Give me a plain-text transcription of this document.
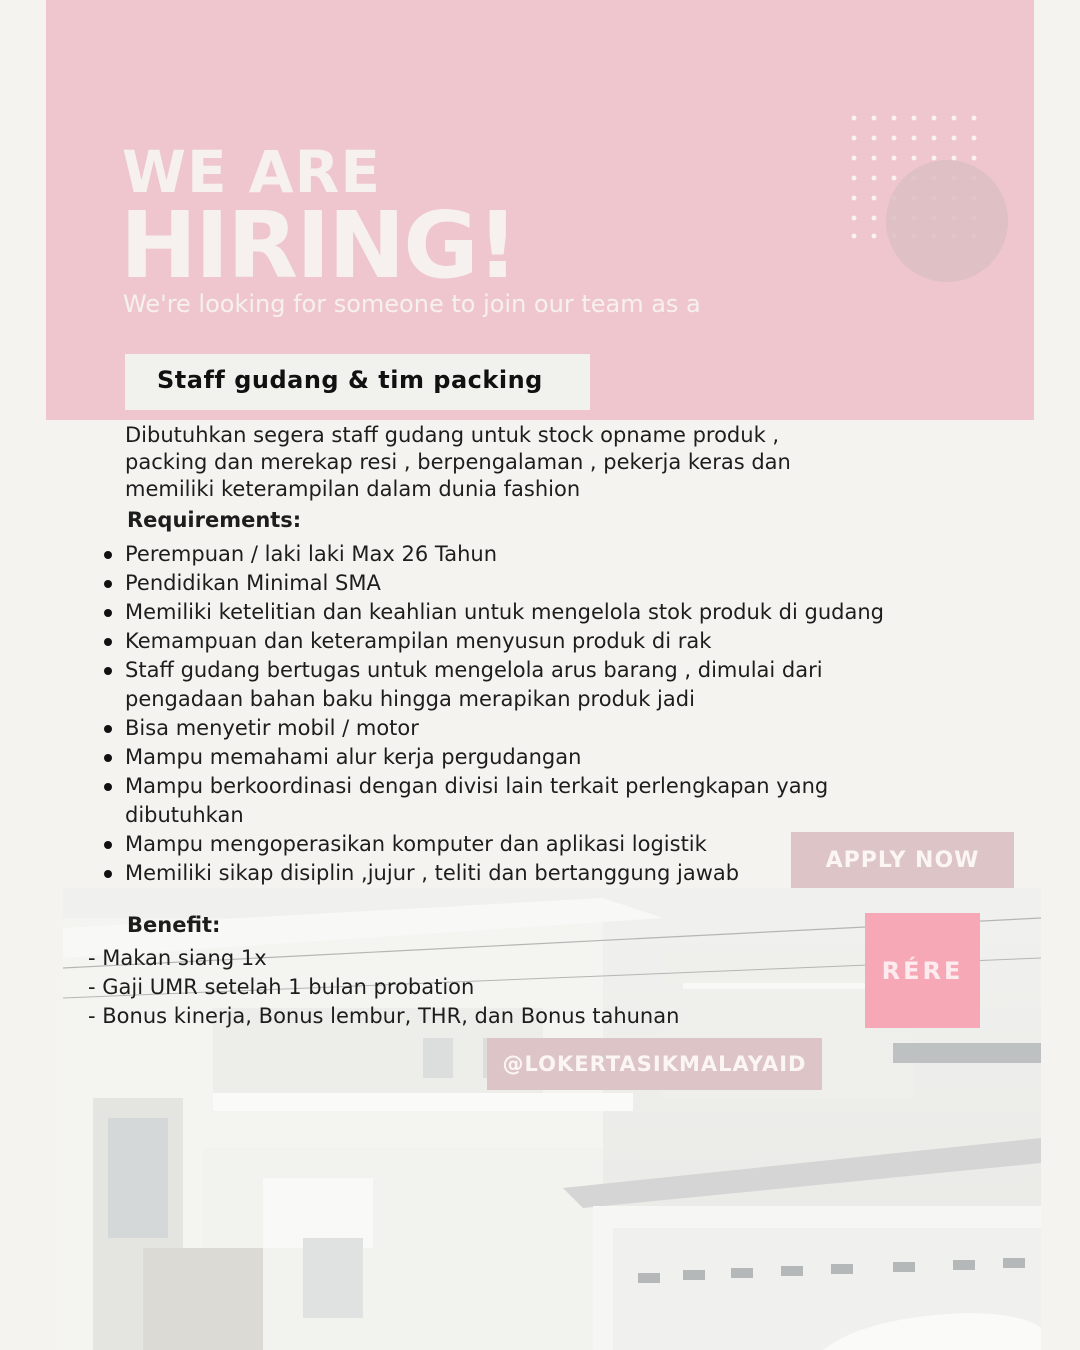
WE ARE
HIRING!
We're looking for someone to join our team as a
Staff gudang & tim packing

Dibutuhkan segera staff gudang untuk stock opname produk , packing dan merekap resi , berpengalaman , pekerja keras dan memiliki keterampilan dalam dunia fashion

Requirements:
Perempuan / laki laki Max 26 Tahun
Pendidikan Minimal SMA
Memiliki ketelitian dan keahlian untuk mengelola stok produk di gudang
Kemampuan dan keterampilan menyusun produk di rak
Staff gudang bertugas untuk mengelola arus barang , dimulai dari pengadaan bahan baku hingga merapikan produk jadi
Bisa menyetir mobil / motor
Mampu memahami alur kerja pergudangan
Mampu berkoordinasi dengan divisi lain terkait perlengkapan yang dibutuhkan
Mampu mengoperasikan komputer dan aplikasi logistik
Memiliki sikap disiplin ,jujur , teliti dan bertanggung jawab
Benefit:
- Makan siang 1x
- Gaji UMR setelah 1 bulan probation
- Bonus kinerja, Bonus lembur, THR, dan Bonus tahunan
APPLY NOW
RÉRE
@LOKERTASIKMALAYAID
